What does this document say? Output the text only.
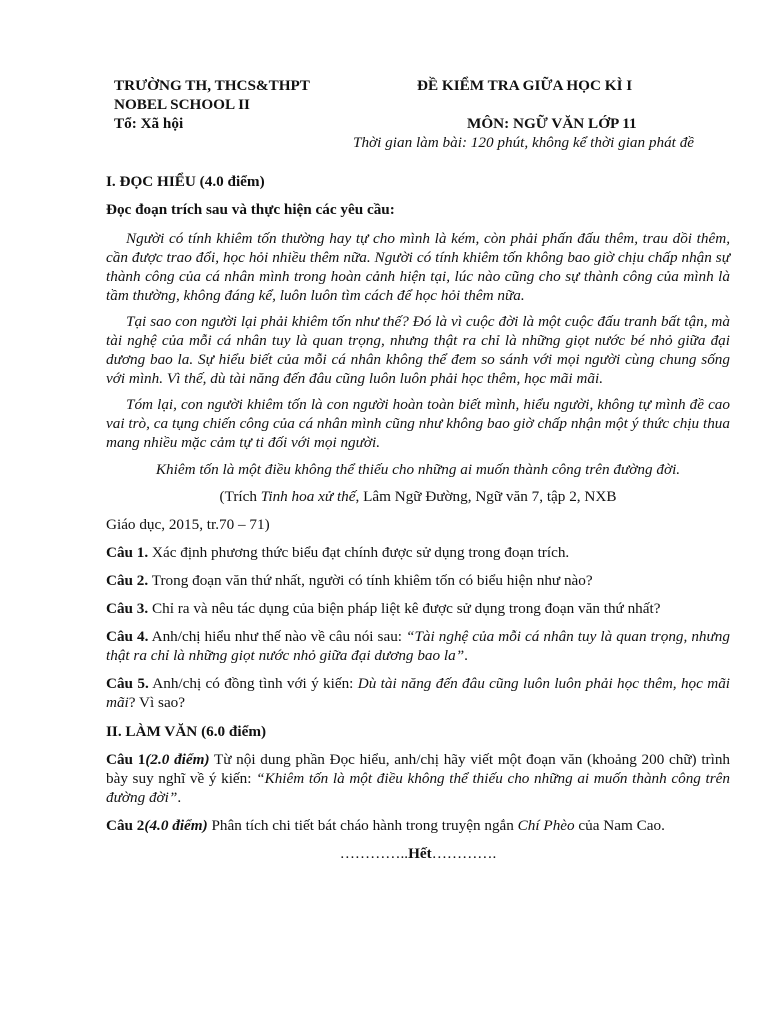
TRƯỜNG TH, THCS&THPT
NOBEL SCHOOL II
Tổ: Xã hội
ĐỀ KIỂM TRA GIỮA HỌC KÌ I
MÔN: NGỮ VĂN LỚP 11
Thời gian làm bài: 120 phút, không kể thời gian phát đề
I. ĐỌC HIỂU (4.0 điểm)
Đọc đoạn trích sau và thực hiện các yêu cầu:

Người có tính khiêm tốn thường hay tự cho mình là kém, còn phải phấn đấu thêm, trau dồi thêm, cần được trao đổi, học hỏi nhiều thêm nữa. Người có tính khiêm tốn không bao giờ chịu chấp nhận sự thành công của cá nhân mình trong hoàn cảnh hiện tại, lúc nào cũng cho sự thành công của mình là tầm thường, không đáng kể, luôn luôn tìm cách để học hỏi thêm nữa.

Tại sao con người lại phải khiêm tốn như thế? Đó là vì cuộc đời là một cuộc đấu tranh bất tận, mà tài nghệ của mỗi cá nhân tuy là quan trọng, nhưng thật ra chỉ là những giọt nước bé nhỏ giữa đại dương bao la. Sự hiểu biết của mỗi cá nhân không thể đem so sánh với mọi người cùng chung sống với mình. Vì thế, dù tài năng đến đâu cũng luôn luôn phải học thêm, học mãi mãi.

Tóm lại, con người khiêm tốn là con người hoàn toàn biết mình, hiểu người, không tự mình đề cao vai trò, ca tụng chiến công của cá nhân mình cũng như không bao giờ chấp nhận một ý thức chịu thua mang nhiều mặc cảm tự ti đối với mọi người.

Khiêm tốn là một điều không thể thiếu cho những ai muốn thành công trên đường đời.

(Trích Tinh hoa xử thế, Lâm Ngữ Đường, Ngữ văn 7, tập 2, NXB

Giáo dục, 2015, tr.70 – 71)

Câu 1. Xác định phương thức biểu đạt chính được sử dụng trong đoạn trích.

Câu 2. Trong đoạn văn thứ nhất, người có tính khiêm tốn có biểu hiện như nào?

Câu 3. Chỉ ra và nêu tác dụng của biện pháp liệt kê được sử dụng trong đoạn văn thứ nhất?

Câu 4. Anh/chị hiểu như thế nào về câu nói sau: “Tài nghệ của mỗi cá nhân tuy là quan trọng, nhưng thật ra chỉ là những giọt nước nhỏ giữa đại dương bao la”.

Câu 5. Anh/chị có đồng tình với ý kiến: Dù tài năng đến đâu cũng luôn luôn phải học thêm, học mãi mãi? Vì sao?

II. LÀM VĂN (6.0 điểm)

Câu 1(2.0 điểm) Từ nội dung phần Đọc hiểu, anh/chị hãy viết một đoạn văn (khoảng 200 chữ) trình bày suy nghĩ về ý kiến: “Khiêm tốn là một điều không thể thiếu cho những ai muốn thành công trên đường đời”.

Câu 2(4.0 điểm) Phân tích chi tiết bát cháo hành trong truyện ngắn Chí Phèo của Nam Cao.

…………..Hết………….
